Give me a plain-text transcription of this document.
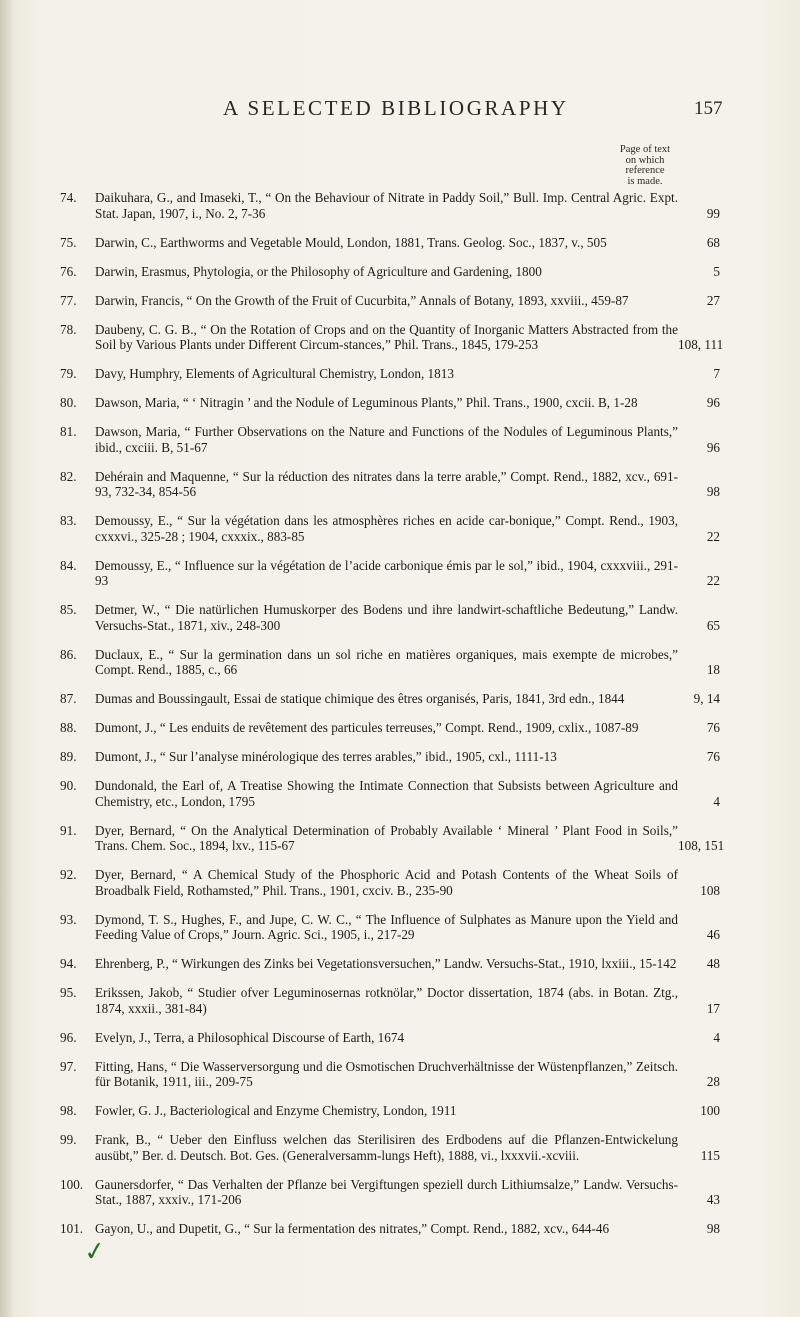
A SELECTED BIBLIOGRAPHY	157
Page of text
on which
reference
is made.
74.	Daikuhara, G., and Imaseki, T., “ On the Behaviour of Nitrate in Paddy Soil,” Bull. Imp. Central Agric. Expt. Stat. Japan, 1907, i., No. 2, 7-36	99
75.	Darwin, C., Earthworms and Vegetable Mould, London, 1881, Trans. Geolog. Soc., 1837, v., 505	68
76.	Darwin, Erasmus, Phytologia, or the Philosophy of Agriculture and Gardening, 1800	5
77.	Darwin, Francis, “ On the Growth of the Fruit of Cucurbita,” Annals of Botany, 1893, xxviii., 459-87	27
78.	Daubeny, C. G. B., “ On the Rotation of Crops and on the Quantity of Inorganic Matters Abstracted from the Soil by Various Plants under Different Circum-stances,” Phil. Trans., 1845, 179-253	108, 111
79.	Davy, Humphry, Elements of Agricultural Chemistry, London, 1813	7
80.	Dawson, Maria, “ ‘ Nitragin ’ and the Nodule of Leguminous Plants,” Phil. Trans., 1900, cxcii. B, 1-28	96
81.	Dawson, Maria, “ Further Observations on the Nature and Functions of the Nodules of Leguminous Plants,” ibid., cxciii. B, 51-67	96
82.	Dehérain and Maquenne, “ Sur la réduction des nitrates dans la terre arable,” Compt. Rend., 1882, xcv., 691-93, 732-34, 854-56	98
83.	Demoussy, E., “ Sur la végétation dans les atmosphères riches en acide car-bonique,” Compt. Rend., 1903, cxxxvi., 325-28 ; 1904, cxxxix., 883-85	22
84.	Demoussy, E., “ Influence sur la végétation de l’acide carbonique émis par le sol,” ibid., 1904, cxxxviii., 291-93	22
85.	Detmer, W., “ Die natürlichen Humuskorper des Bodens und ihre landwirt-schaftliche Bedeutung,” Landw. Versuchs-Stat., 1871, xiv., 248-300	65
86.	Duclaux, E., “ Sur la germination dans un sol riche en matières organiques, mais exempte de microbes,” Compt. Rend., 1885, c., 66	18
87.	Dumas and Boussingault, Essai de statique chimique des êtres organisés, Paris, 1841, 3rd edn., 1844	9, 14
88.	Dumont, J., “ Les enduits de revêtement des particules terreuses,” Compt. Rend., 1909, cxlix., 1087-89	76
89.	Dumont, J., “ Sur l’analyse minérologique des terres arables,” ibid., 1905, cxl., 1111-13	76
90.	Dundonald, the Earl of, A Treatise Showing the Intimate Connection that Subsists between Agriculture and Chemistry, etc., London, 1795	4
91.	Dyer, Bernard, “ On the Analytical Determination of Probably Available ‘ Mineral ’ Plant Food in Soils,” Trans. Chem. Soc., 1894, lxv., 115-67	108, 151
92.	Dyer, Bernard, “ A Chemical Study of the Phosphoric Acid and Potash Contents of the Wheat Soils of Broadbalk Field, Rothamsted,” Phil. Trans., 1901, cxciv. B., 235-90	108
93.	Dymond, T. S., Hughes, F., and Jupe, C. W. C., “ The Influence of Sulphates as Manure upon the Yield and Feeding Value of Crops,” Journ. Agric. Sci., 1905, i., 217-29	46
94.	Ehrenberg, P., “ Wirkungen des Zinks bei Vegetationsversuchen,” Landw. Versuchs-Stat., 1910, lxxiii., 15-142	48
95.	Erikssen, Jakob, “ Studier ofver Leguminosernas rotknölar,” Doctor dissertation, 1874 (abs. in Botan. Ztg., 1874, xxxii., 381-84)	17
96.	Evelyn, J., Terra, a Philosophical Discourse of Earth, 1674	4
97.	Fitting, Hans, “ Die Wasserversorgung und die Osmotischen Druchverhältnisse der Wüstenpflanzen,” Zeitsch. für Botanik, 1911, iii., 209-75	28
98.	Fowler, G. J., Bacteriological and Enzyme Chemistry, London, 1911	100
99.	Frank, B., “ Ueber den Einfluss welchen das Sterilisiren des Erdbodens auf die Pflanzen-Entwickelung ausübt,” Ber. d. Deutsch. Bot. Ges. (Generalversamm-lungs Heft), 1888, vi., lxxxvii.-xcviii.	115
100. Gaunersdorfer, “ Das Verhalten der Pflanze bei Vergiftungen speziell durch Lithiumsalze,” Landw. Versuchs-Stat., 1887, xxxiv., 171-206	43
101. Gayon, U., and Dupetit, G., “ Sur la fermentation des nitrates,” Compt. Rend., 1882, xcv., 644-46	98
✓
